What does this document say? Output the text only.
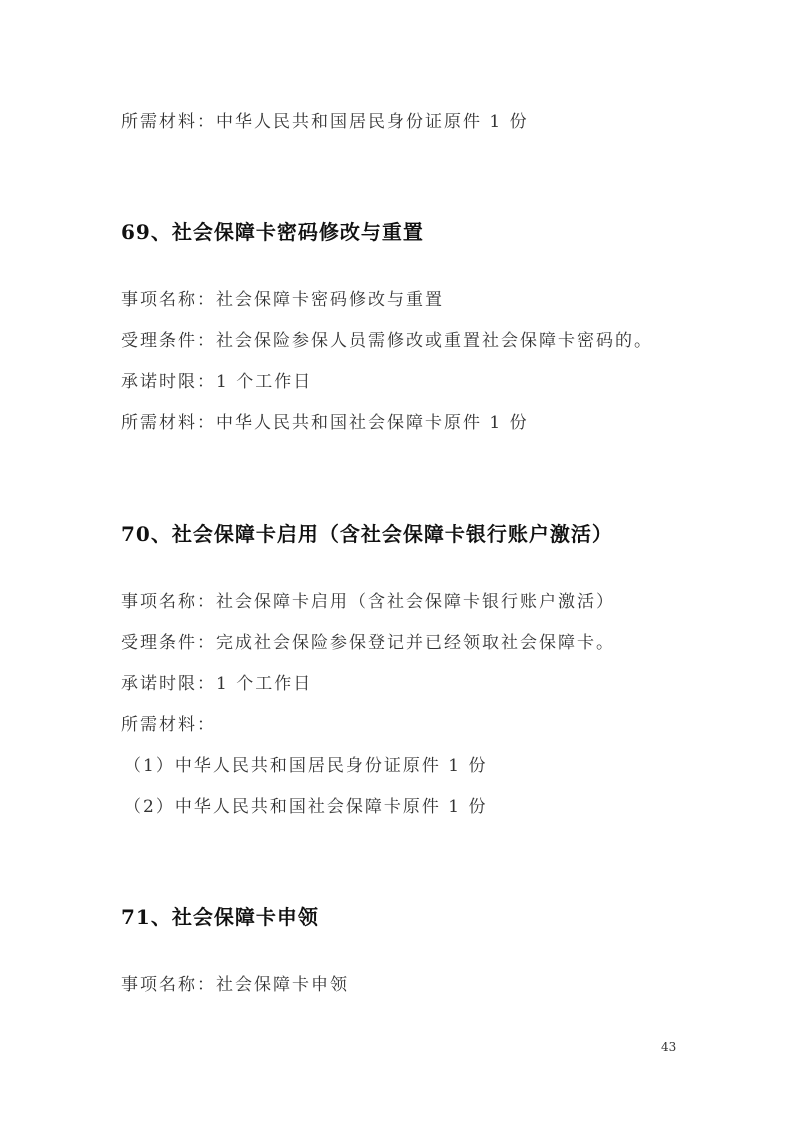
所需材料：中华人民共和国居民身份证原件 1 份
69、社会保障卡密码修改与重置
事项名称：社会保障卡密码修改与重置
受理条件：社会保险参保人员需修改或重置社会保障卡密码的。
承诺时限：1 个工作日
所需材料：中华人民共和国社会保障卡原件 1 份
70、社会保障卡启用（含社会保障卡银行账户激活）
事项名称：社会保障卡启用（含社会保障卡银行账户激活）
受理条件：完成社会保险参保登记并已经领取社会保障卡。
承诺时限：1 个工作日
所需材料：
（1）中华人民共和国居民身份证原件 1 份
（2）中华人民共和国社会保障卡原件 1 份
71、社会保障卡申领
事项名称：社会保障卡申领
43
